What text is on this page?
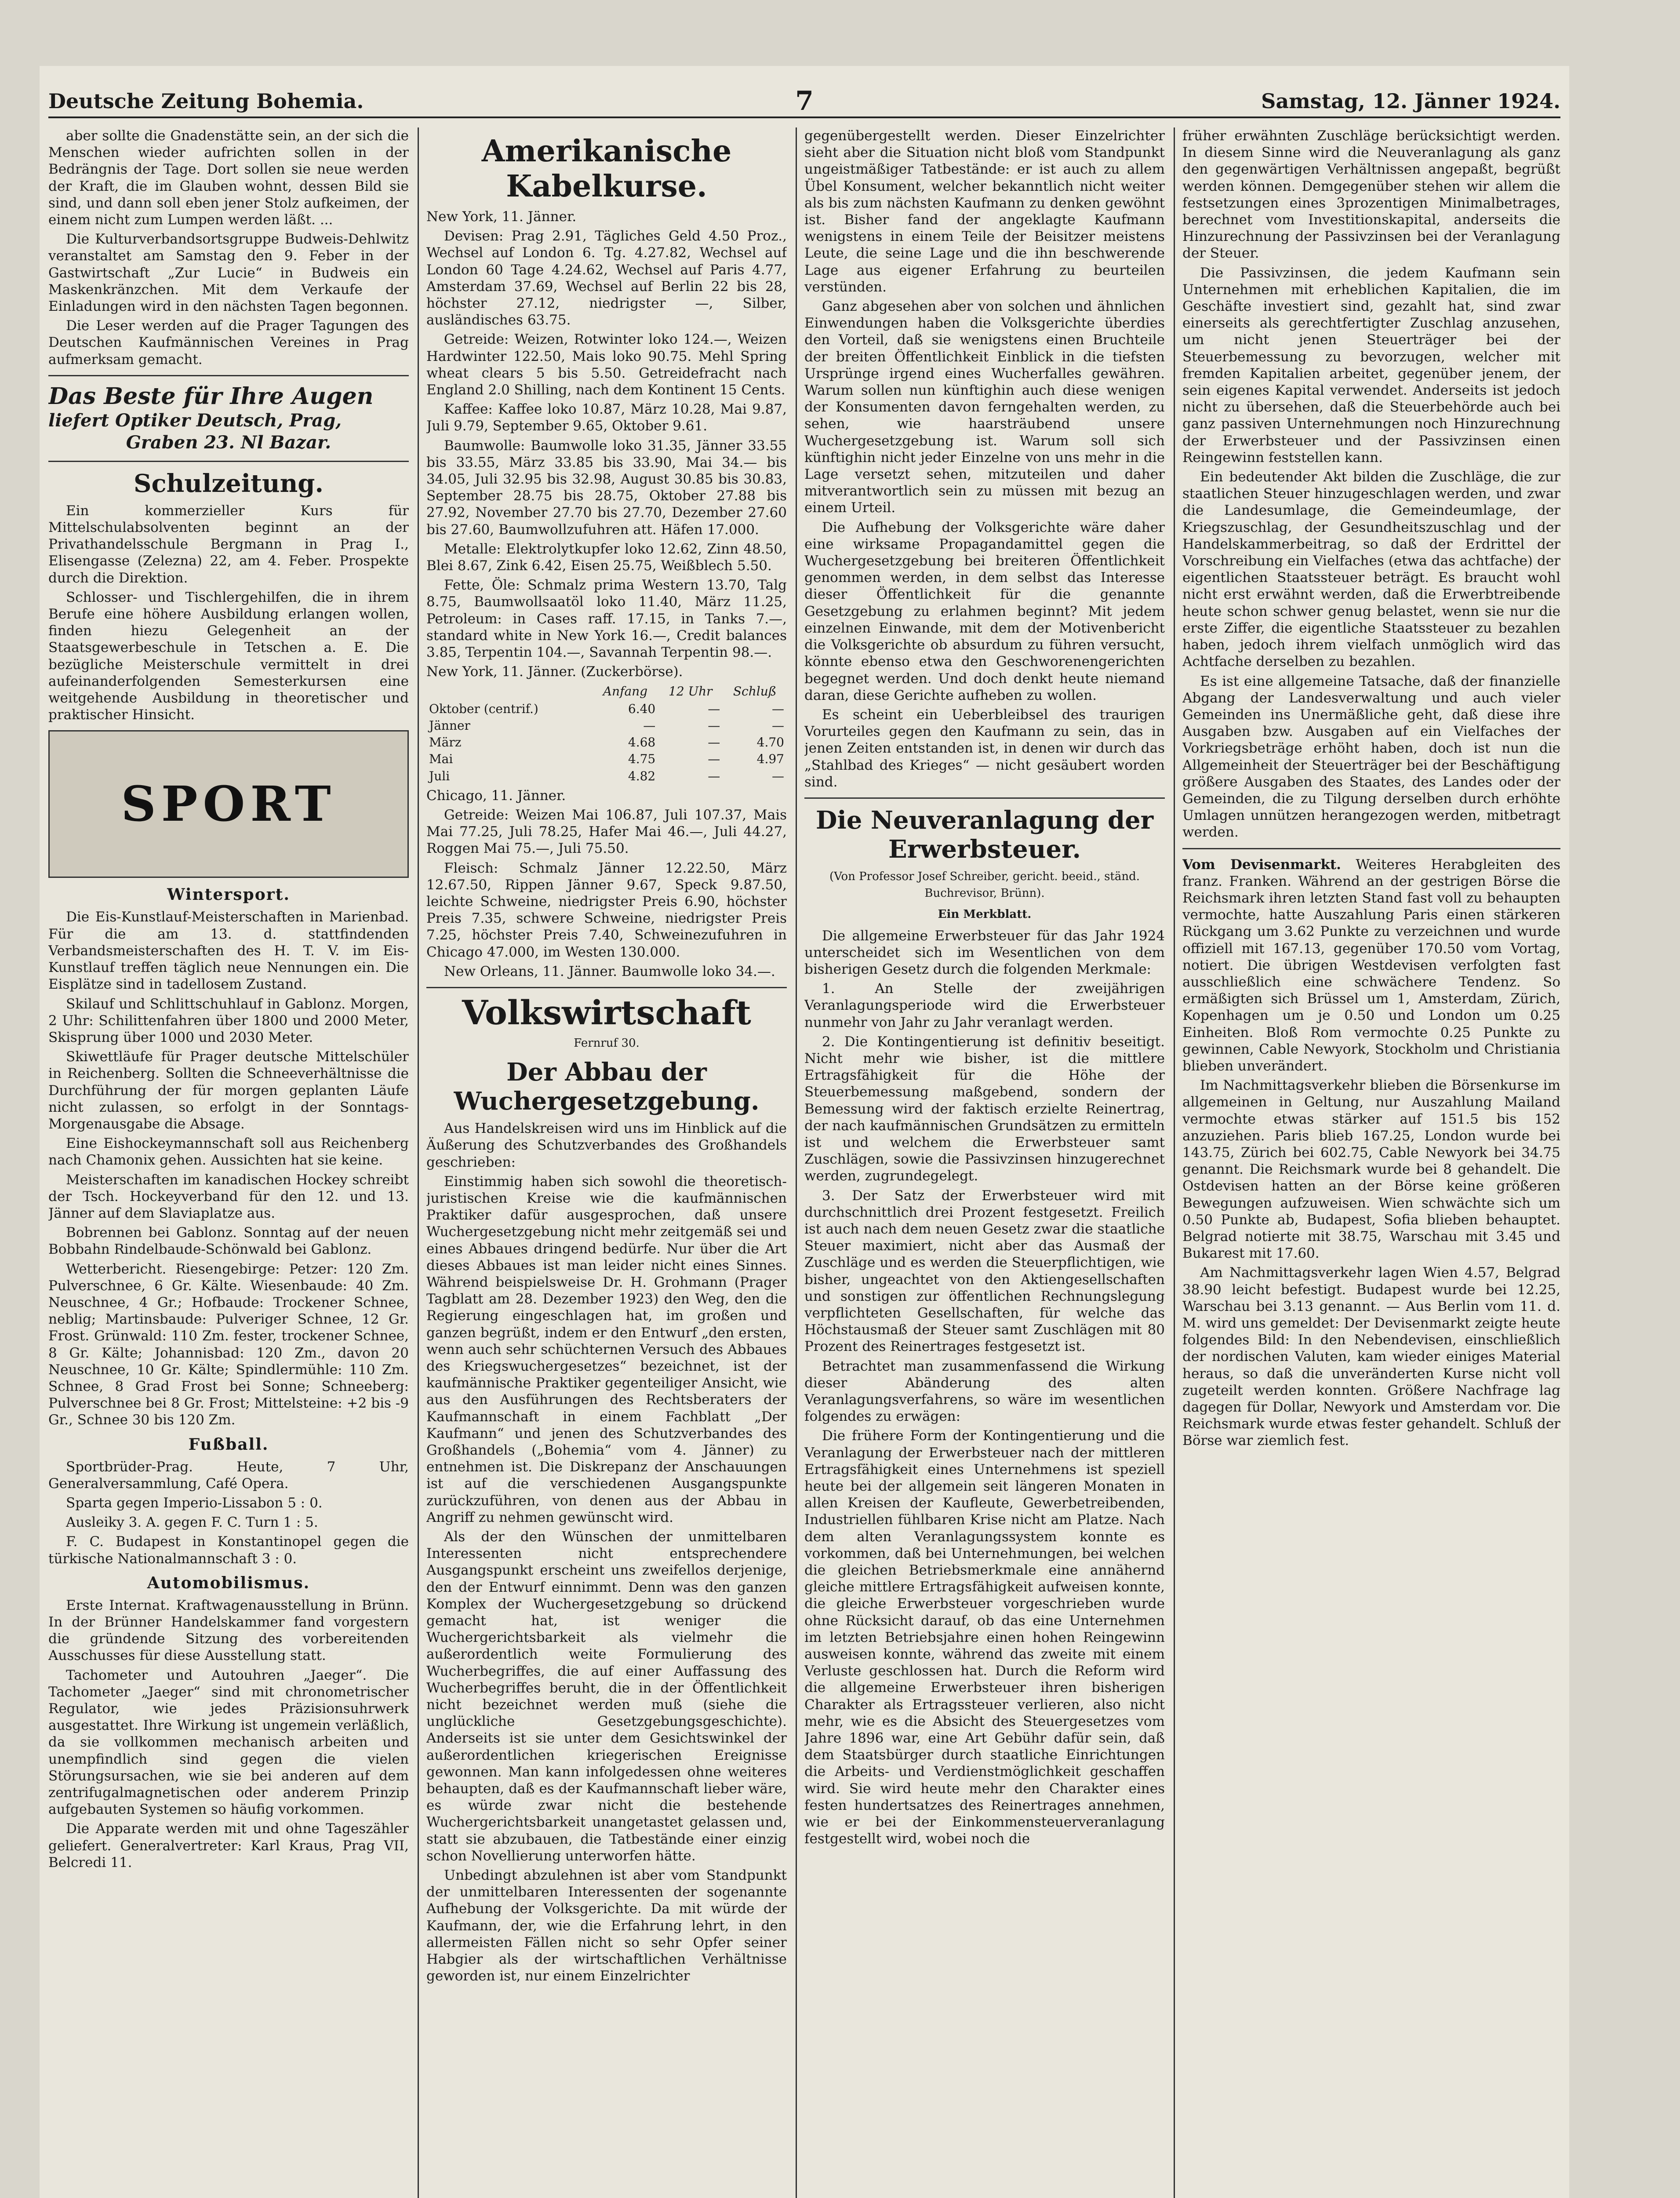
Deutsche Zeitung Bohemia.	7	Samstag, 12. Jänner 1924.

aber sollte die Gnadenstätte sein, an der sich die Menschen wieder aufrichten sollen in der Bedrängnis der Tage. Dort sollen sie neue werden der Kraft, die im Glauben wohnt, dessen Bild sie sind, und dann soll eben jener Stolz aufkeimen, der einem nicht zum Lumpen werden läßt. ...

Die Kulturverbandsortsgruppe Budweis-Dehlwitz veranstaltet am Samstag den 9. Feber in der Gastwirtschaft „Zur Lucie“ in Budweis ein Maskenkränzchen. Mit dem Verkaufe der Einladungen wird in den nächsten Tagen begonnen.

Die Leser werden auf die Prager Tagungen des Deutschen Kaufmännischen Vereines in Prag aufmerksam gemacht.

Das Beste für Ihre Augen
liefert Optiker Deutsch, Prag,
Graben 23. Nl Bazar.
Schulzeitung.

Ein kommerzieller Kurs für Mittelschulabsolventen beginnt an der Privathandelsschule Bergmann in Prag I., Elisengasse (Zelezna) 22, am 4. Feber. Prospekte durch die Direktion.

Schlosser- und Tischlergehilfen, die in ihrem Berufe eine höhere Ausbildung erlangen wollen, finden hiezu Gelegenheit an der Staatsgewerbeschule in Tetschen a. E. Die bezügliche Meisterschule vermittelt in drei aufeinanderfolgenden Semesterkursen eine weitgehende Ausbildung in theoretischer und praktischer Hinsicht.

SPORT
Wintersport.

Die Eis-Kunstlauf-Meisterschaften in Marienbad. Für die am 13. d. stattfindenden Verbandsmeisterschaften des H. T. V. im Eis-Kunstlauf treffen täglich neue Nennungen ein. Die Eisplätze sind in tadellosem Zustand.

Skilauf und Schlittschuhlauf in Gablonz. Morgen, 2 Uhr: Schilittenfahren über 1800 und 2000 Meter, Skisprung über 1000 und 2030 Meter.

Skiwettläufe für Prager deutsche Mittelschüler in Reichenberg. Sollten die Schneeverhältnisse die Durchführung der für morgen geplanten Läufe nicht zulassen, so erfolgt in der Sonntags-Morgenausgabe die Absage.

Eine Eishockeymannschaft soll aus Reichenberg nach Chamonix gehen. Aussichten hat sie keine.

Meisterschaften im kanadischen Hockey schreibt der Tsch. Hockeyverband für den 12. und 13. Jänner auf dem Slaviaplatze aus.

Bobrennen bei Gablonz. Sonntag auf der neuen Bobbahn Rindelbaude-Schönwald bei Gablonz.

Wetterbericht. Riesengebirge: Petzer: 120 Zm. Pulverschnee, 6 Gr. Kälte. Wiesenbaude: 40 Zm. Neuschnee, 4 Gr.; Hofbaude: Trockener Schnee, neblig; Martinsbaude: Pulveriger Schnee, 12 Gr. Frost. Grünwald: 110 Zm. fester, trockener Schnee, 8 Gr. Kälte; Johannisbad: 120 Zm., davon 20 Neuschnee, 10 Gr. Kälte; Spindlermühle: 110 Zm. Schnee, 8 Grad Frost bei Sonne; Schneeberg: Pulverschnee bei 8 Gr. Frost; Mittelsteine: +2 bis -9 Gr., Schnee 30 bis 120 Zm.

Fußball.

Sportbrüder-Prag. Heute, 7 Uhr, Generalversammlung, Café Opera.

Sparta gegen Imperio-Lissabon 5 : 0.

Ausleiky 3. A. gegen F. C. Turn 1 : 5.

F. C. Budapest in Konstantinopel gegen die türkische Nationalmannschaft 3 : 0.

Automobilismus.

Erste Internat. Kraftwagenausstellung in Brünn. In der Brünner Handelskammer fand vorgestern die gründende Sitzung des vorbereitenden Ausschusses für diese Ausstellung statt.

Tachometer und Autouhren „Jaeger“. Die Tachometer „Jaeger“ sind mit chronometrischer Regulator, wie jedes Präzisionsuhrwerk ausgestattet. Ihre Wirkung ist ungemein verläßlich, da sie vollkommen mechanisch arbeiten und unempfindlich sind gegen die vielen Störungsursachen, wie sie bei anderen auf dem zentrifugalmagnetischen oder anderem Prinzip aufgebauten Systemen so häufig vorkommen.

Die Apparate werden mit und ohne Tageszähler geliefert. Generalvertreter: Karl Kraus, Prag VII, Belcredi 11.

Amerikanische Kabelkurse.

New York, 11. Jänner.

Devisen: Prag 2.91, Tägliches Geld 4.50 Proz., Wechsel auf London 6. Tg. 4.27.82, Wechsel auf London 60 Tage 4.24.62, Wechsel auf Paris 4.77, Amsterdam 37.69, Wechsel auf Berlin 22 bis 28, höchster 27.12, niedrigster —, Silber, ausländisches 63.75.

Getreide: Weizen, Rotwinter loko 124.—, Weizen Hardwinter 122.50, Mais loko 90.75. Mehl Spring wheat clears 5 bis 5.50. Getreidefracht nach England 2.0 Shilling, nach dem Kontinent 15 Cents.

Kaffee: Kaffee loko 10.87, März 10.28, Mai 9.87, Juli 9.79, September 9.65, Oktober 9.61.

Baumwolle: Baumwolle loko 31.35, Jänner 33.55 bis 33.55, März 33.85 bis 33.90, Mai 34.— bis 34.05, Juli 32.95 bis 32.98, August 30.85 bis 30.83, September 28.75 bis 28.75, Oktober 27.88 bis 27.92, November 27.70 bis 27.70, Dezember 27.60 bis 27.60, Baumwollzufuhren att. Häfen 17.000.

Metalle: Elektrolytkupfer loko 12.62, Zinn 48.50, Blei 8.67, Zink 6.42, Eisen 25.75, Weißblech 5.50.

Fette, Öle: Schmalz prima Western 13.70, Talg 8.75, Baumwollsaatöl loko 11.40, März 11.25, Petroleum: in Cases raff. 17.15, in Tanks 7.—, standard white in New York 16.—, Credit balances 3.85, Terpentin 104.—, Savannah Terpentin 98.—.

New York, 11. Jänner. (Zuckerbörse).

	Anfang	12 Uhr	Schluß
Oktober (centrif.)	6.40	—	—
Jänner	—	—	—
März	4.68	—	4.70
Mai	4.75	—	4.97
Juli	4.82	—	—

Chicago, 11. Jänner.

Getreide: Weizen Mai 106.87, Juli 107.37, Mais Mai 77.25, Juli 78.25, Hafer Mai 46.—, Juli 44.27, Roggen Mai 75.—, Juli 75.50.

Fleisch: Schmalz Jänner 12.22.50, März 12.67.50, Rippen Jänner 9.67, Speck 9.87.50, leichte Schweine, niedrigster Preis 6.90, höchster Preis 7.35, schwere Schweine, niedrigster Preis 7.25, höchster Preis 7.40, Schweinezufuhren in Chicago 47.000, im Westen 130.000.

New Orleans, 11. Jänner. Baumwolle loko 34.—.

Volkswirtschaft
Fernruf 30.
Der Abbau der Wuchergesetzgebung.

Aus Handelskreisen wird uns im Hinblick auf die Äußerung des Schutzverbandes des Großhandels geschrieben:

Einstimmig haben sich sowohl die theoretisch-juristischen Kreise wie die kaufmännischen Praktiker dafür ausgesprochen, daß unsere Wuchergesetzgebung nicht mehr zeitgemäß sei und eines Abbaues dringend bedürfe. Nur über die Art dieses Abbaues ist man leider nicht eines Sinnes. Während beispielsweise Dr. H. Grohmann (Prager Tagblatt am 28. Dezember 1923) den Weg, den die Regierung eingeschlagen hat, im großen und ganzen begrüßt, indem er den Entwurf „den ersten, wenn auch sehr schüchternen Versuch des Abbaues des Kriegswuchergesetzes“ bezeichnet, ist der kaufmännische Praktiker gegenteiliger Ansicht, wie aus den Ausführungen des Rechtsberaters der Kaufmannschaft in einem Fachblatt „Der Kaufmann“ und jenen des Schutzverbandes des Großhandels („Bohemia“ vom 4. Jänner) zu entnehmen ist. Die Diskrepanz der Anschauungen ist auf die verschiedenen Ausgangspunkte zurückzuführen, von denen aus der Abbau in Angriff zu nehmen gewünscht wird.

Als der den Wünschen der unmittelbaren Interessenten nicht entsprechendere Ausgangspunkt erscheint uns zweifellos derjenige, den der Entwurf einnimmt. Denn was den ganzen Komplex der Wuchergesetzgebung so drückend gemacht hat, ist weniger die Wuchergerichtsbarkeit als vielmehr die außerordentlich weite Formulierung des Wucherbegriffes, die auf einer Auffassung des Wucherbegriffes beruht, die in der Öffentlichkeit nicht bezeichnet werden muß (siehe die unglückliche Gesetzgebungsgeschichte). Anderseits ist sie unter dem Gesichtswinkel der außerordentlichen kriegerischen Ereignisse gewonnen. Man kann infolgedessen ohne weiteres behaupten, daß es der Kaufmannschaft lieber wäre, es würde zwar nicht die bestehende Wuchergerichtsbarkeit unangetastet gelassen und, statt sie abzubauen, die Tatbestände einer einzig schon Novellierung unterworfen hätte.

Unbedingt abzulehnen ist aber vom Standpunkt der unmittelbaren Interessenten der sogenannte Aufhebung der Volksgerichte. Da mit würde der Kaufmann, der, wie die Erfahrung lehrt, in den allermeisten Fällen nicht so sehr Opfer seiner Habgier als der wirtschaftlichen Verhältnisse geworden ist, nur einem Einzelrichter

gegenübergestellt werden. Dieser Einzelrichter sieht aber die Situation nicht bloß vom Standpunkt ungeistmäßiger Tatbestände: er ist auch zu allem Übel Konsument, welcher bekanntlich nicht weiter als bis zum nächsten Kaufmann zu denken gewöhnt ist. Bisher fand der angeklagte Kaufmann wenigstens in einem Teile der Beisitzer meistens Leute, die seine Lage und die ihn beschwerende Lage aus eigener Erfahrung zu beurteilen verstünden.

Ganz abgesehen aber von solchen und ähnlichen Einwendungen haben die Volksgerichte überdies den Vorteil, daß sie wenigstens einen Bruchteile der breiten Öffentlichkeit Einblick in die tiefsten Ursprünge irgend eines Wucherfalles gewähren. Warum sollen nun künftighin auch diese wenigen der Konsumenten davon ferngehalten werden, zu sehen, wie haarsträubend unsere Wuchergesetzgebung ist. Warum soll sich künftighin nicht jeder Einzelne von uns mehr in die Lage versetzt sehen, mitzuteilen und daher mitverantwortlich sein zu müssen mit bezug an einem Urteil.

Die Aufhebung der Volksgerichte wäre daher eine wirksame Propagandamittel gegen die Wuchergesetzgebung bei breiteren Öffentlichkeit genommen werden, in dem selbst das Interesse dieser Öffentlichkeit für die genannte Gesetzgebung zu erlahmen beginnt? Mit jedem einzelnen Einwande, mit dem der Motivenbericht die Volksgerichte ob absurdum zu führen versucht, könnte ebenso etwa den Geschworenengerichten begegnet werden. Und doch denkt heute niemand daran, diese Gerichte aufheben zu wollen.

Es scheint ein Ueberbleibsel des traurigen Vorurteiles gegen den Kaufmann zu sein, das in jenen Zeiten entstanden ist, in denen wir durch das „Stahlbad des Krieges“ — nicht gesäubert worden sind.

Die Neuveranlagung der Erwerbsteuer.
(Von Professor Josef Schreiber, gericht. beeid., ständ. Buchrevisor, Brünn).
Ein Merkblatt.

Die allgemeine Erwerbsteuer für das Jahr 1924 unterscheidet sich im Wesentlichen von dem bisherigen Gesetz durch die folgenden Merkmale:

1. An Stelle der zweijährigen Veranlagungsperiode wird die Erwerbsteuer nunmehr von Jahr zu Jahr veranlagt werden.

2. Die Kontingentierung ist definitiv beseitigt. Nicht mehr wie bisher, ist die mittlere Ertragsfähigkeit für die Höhe der Steuerbemessung maßgebend, sondern der Bemessung wird der faktisch erzielte Reinertrag, der nach kaufmännischen Grundsätzen zu ermitteln ist und welchem die Erwerbsteuer samt Zuschlägen, sowie die Passivzinsen hinzugerechnet werden, zugrundegelegt.

3. Der Satz der Erwerbsteuer wird mit durchschnittlich drei Prozent festgesetzt. Freilich ist auch nach dem neuen Gesetz zwar die staatliche Steuer maximiert, nicht aber das Ausmaß der Zuschläge und es werden die Steuerpflichtigen, wie bisher, ungeachtet von den Aktiengesellschaften und sonstigen zur öffentlichen Rechnungslegung verpflichteten Gesellschaften, für welche das Höchstausmaß der Steuer samt Zuschlägen mit 80 Prozent des Reinertrages festgesetzt ist.

Betrachtet man zusammenfassend die Wirkung dieser Abänderung des alten Veranlagungsverfahrens, so wäre im wesentlichen folgendes zu erwägen:

Die frühere Form der Kontingentierung und die Veranlagung der Erwerbsteuer nach der mittleren Ertragsfähigkeit eines Unternehmens ist speziell heute bei der allgemein seit längeren Monaten in allen Kreisen der Kaufleute, Gewerbetreibenden, Industriellen fühlbaren Krise nicht am Platze. Nach dem alten Veranlagungssystem konnte es vorkommen, daß bei Unternehmungen, bei welchen die gleichen Betriebsmerkmale eine annähernd gleiche mittlere Ertragsfähigkeit aufweisen konnte, die gleiche Erwerbsteuer vorgeschrieben wurde ohne Rücksicht darauf, ob das eine Unternehmen im letzten Betriebsjahre einen hohen Reingewinn ausweisen konnte, während das zweite mit einem Verluste geschlossen hat. Durch die Reform wird die allgemeine Erwerbsteuer ihren bisherigen Charakter als Ertragssteuer verlieren, also nicht mehr, wie es die Absicht des Steuergesetzes vom Jahre 1896 war, eine Art Gebühr dafür sein, daß dem Staatsbürger durch staatliche Einrichtungen die Arbeits- und Verdienstmöglichkeit geschaffen wird. Sie wird heute mehr den Charakter eines festen hundertsatzes des Reinertrages annehmen, wie er bei der Einkommensteuerveranlagung festgestellt wird, wobei noch die

früher erwähnten Zuschläge berücksichtigt werden. In diesem Sinne wird die Neuveranlagung als ganz den gegenwärtigen Verhältnissen angepaßt, begrüßt werden können. Demgegenüber stehen wir allem die festsetzungen eines 3prozentigen Minimalbetrages, berechnet vom Investitionskapital, anderseits die Hinzurechnung der Passivzinsen bei der Veranlagung der Steuer.

Die Passivzinsen, die jedem Kaufmann sein Unternehmen mit erheblichen Kapitalien, die im Geschäfte investiert sind, gezahlt hat, sind zwar einerseits als gerechtfertigter Zuschlag anzusehen, um nicht jenen Steuerträger bei der Steuerbemessung zu bevorzugen, welcher mit fremden Kapitalien arbeitet, gegenüber jenem, der sein eigenes Kapital verwendet. Anderseits ist jedoch nicht zu übersehen, daß die Steuerbehörde auch bei ganz passiven Unternehmungen noch Hinzurechnung der Erwerbsteuer und der Passivzinsen einen Reingewinn feststellen kann.

Ein bedeutender Akt bilden die Zuschläge, die zur staatlichen Steuer hinzugeschlagen werden, und zwar die Landesumlage, die Gemeindeumlage, der Kriegszuschlag, der Gesundheitszuschlag und der Handelskammerbeitrag, so daß der Erdrittel der Vorschreibung ein Vielfaches (etwa das achtfache) der eigentlichen Staatssteuer beträgt. Es braucht wohl nicht erst erwähnt werden, daß die Erwerbtreibende heute schon schwer genug belastet, wenn sie nur die erste Ziffer, die eigentliche Staatssteuer zu bezahlen haben, jedoch ihrem vielfach unmöglich wird das Achtfache derselben zu bezahlen.

Es ist eine allgemeine Tatsache, daß der finanzielle Abgang der Landesverwaltung und auch vieler Gemeinden ins Unermäßliche geht, daß diese ihre Ausgaben bzw. Ausgaben auf ein Vielfaches der Vorkriegsbeträge erhöht haben, doch ist nun die Allgemeinheit der Steuerträger bei der Beschäftigung größere Ausgaben des Staates, des Landes oder der Gemeinden, die zu Tilgung derselben durch erhöhte Umlagen unnützen herangezogen werden, mitbetragt werden.

Vom Devisenmarkt. Weiteres Herabgleiten des franz. Franken. Während an der gestrigen Börse die Reichsmark ihren letzten Stand fast voll zu behaupten vermochte, hatte Auszahlung Paris einen stärkeren Rückgang um 3.62 Punkte zu verzeichnen und wurde offiziell mit 167.13, gegenüber 170.50 vom Vortag, notiert. Die übrigen Westdevisen verfolgten fast ausschließlich eine schwächere Tendenz. So ermäßigten sich Brüssel um 1, Amsterdam, Zürich, Kopenhagen um je 0.50 und London um 0.25 Einheiten. Bloß Rom vermochte 0.25 Punkte zu gewinnen, Cable Newyork, Stockholm und Christiania blieben unverändert.

Im Nachmittagsverkehr blieben die Börsenkurse im allgemeinen in Geltung, nur Auszahlung Mailand vermochte etwas stärker auf 151.5 bis 152 anzuziehen. Paris blieb 167.25, London wurde bei 143.75, Zürich bei 602.75, Cable Newyork bei 34.75 genannt. Die Reichsmark wurde bei 8 gehandelt. Die Ostdevisen hatten an der Börse keine größeren Bewegungen aufzuweisen. Wien schwächte sich um 0.50 Punkte ab, Budapest, Sofia blieben behauptet. Belgrad notierte mit 38.75, Warschau mit 3.45 und Bukarest mit 17.60.

Am Nachmittagsverkehr lagen Wien 4.57, Belgrad 38.90 leicht befestigt. Budapest wurde bei 12.25, Warschau bei 3.13 genannt. — Aus Berlin vom 11. d. M. wird uns gemeldet: Der Devisenmarkt zeigte heute folgendes Bild: In den Nebendevisen, einschließlich der nordischen Valuten, kam wieder einiges Material heraus, so daß die unveränderten Kurse nicht voll zugeteilt werden konnten. Größere Nachfrage lag dagegen für Dollar, Newyork und Amsterdam vor. Die Reichsmark wurde etwas fester gehandelt. Schluß der Börse war ziemlich fest.
